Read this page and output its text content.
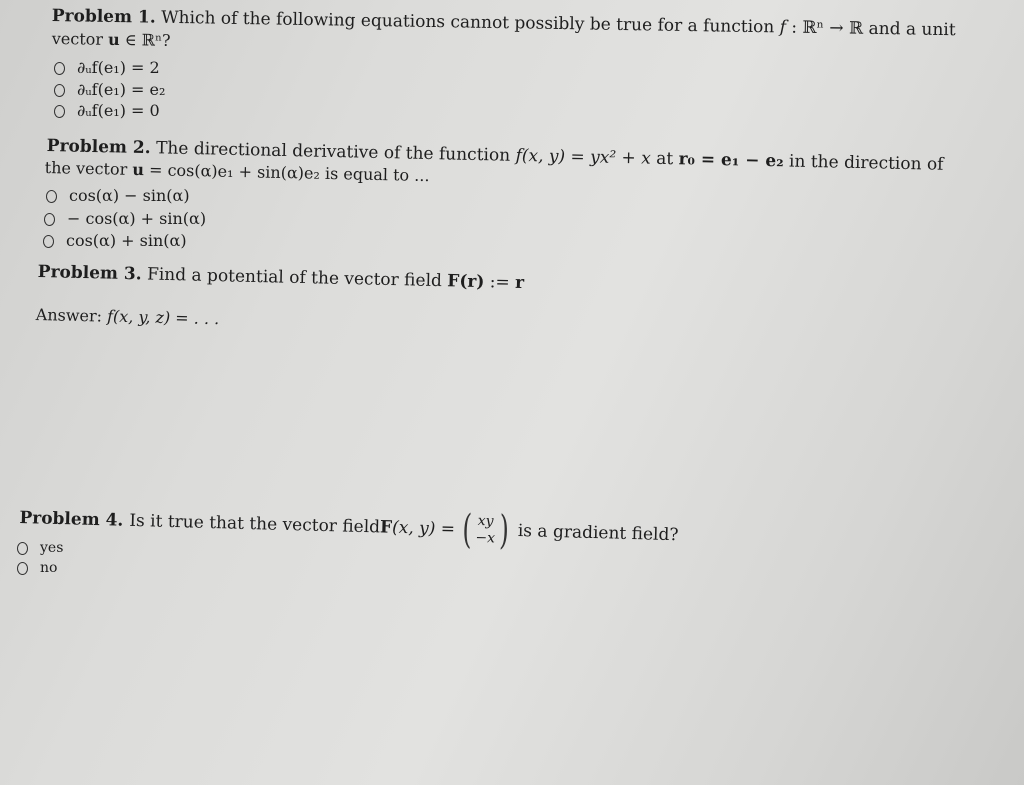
Problem 1. Which of the following equations cannot possibly be true for a function f : ℝⁿ → ℝ and a unit
vector u ∈ ℝⁿ?
∂ᵤf(e₁) = 2
∂ᵤf(e₁) = e₂
∂ᵤf(e₁) = 0
Problem 2. The directional derivative of the function f(x, y) = yx² + x at r₀ = e₁ − e₂ in the direction of
the vector u = cos(α)e₁ + sin(α)e₂ is equal to ...
cos(α) − sin(α)
− cos(α) + sin(α)
cos(α) + sin(α)
Problem 3. Find a potential of the vector field F(r) := r
Answer: f(x, y, z) = . . .
Problem 4. Is it true that the vector field F (x, y) = ( xy
−x ) is a gradient field?
yes
no
